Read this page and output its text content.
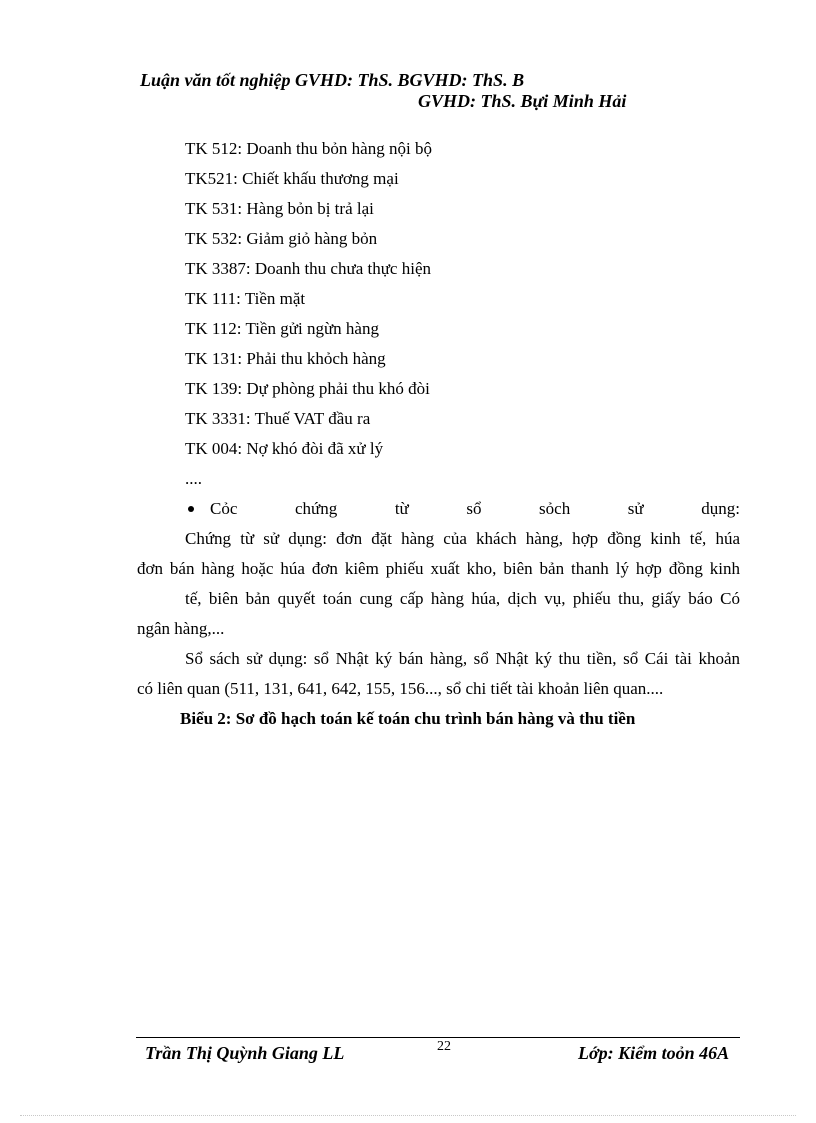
Luận văn tốt nghiệp GVHD: ThS. BGVHD: ThS. B
GVHD: ThS. Bựi Minh Hải
TK 512: Doanh thu bỏn hàng nội bộ
TK521: Chiết khấu thương mại
TK 531: Hàng bỏn bị trả lại
TK 532: Giảm giỏ hàng bỏn
TK 3387: Doanh thu chưa thực hiện
TK 111: Tiền mặt
TK 112: Tiền gửi ngừn hàng
TK 131: Phải thu khỏch hàng
TK 139: Dự phòng phải thu khó đòi
TK 3331: Thuế VAT đầu ra
TK 004: Nợ khó đòi đã xử lý
....
Cỏc	chứng	từ	sổ	sỏch	sử	dụng:
Chứng từ sử dụng: đơn đặt hàng của khách hàng, hợp đồng kinh tế, húa
đơn bán hàng hoặc húa đơn kiêm phiếu xuất kho, biên bản thanh lý hợp đồng kinh
tế, biên bản quyết toán cung cấp hàng húa, dịch vụ, phiếu thu, giấy báo Có
ngân hàng,...
Sổ sách sử dụng: sổ Nhật ký bán hàng, sổ Nhật ký thu tiền, sổ Cái tài khoản
có liên quan (511, 131, 641, 642, 155, 156..., sổ chi tiết tài khoản liên quan....
Biểu 2: Sơ đồ hạch toán kế toán chu trình bán hàng và thu tiền
Trần Thị Quỳnh Giang LL	22	Lớp: Kiểm toỏn 46A
